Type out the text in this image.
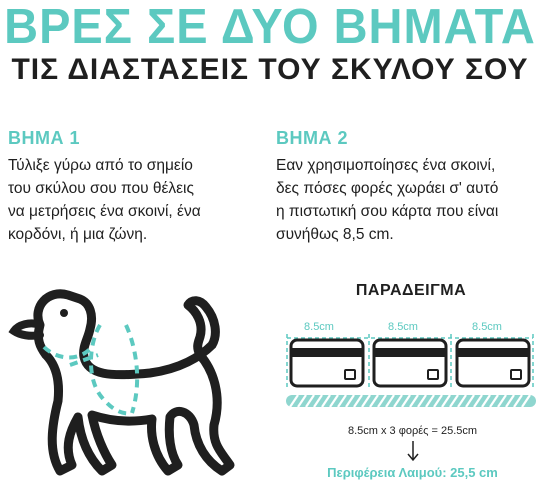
ΒΡΕΣ ΣΕ ΔΥΟ ΒΗΜΑΤΑ
ΤΙΣ ΔΙΑΣΤΑΣΕΙΣ ΤΟΥ ΣΚΥΛΟΥ ΣΟΥ
ΒΗΜΑ 1
Τύλιξε γύρω από το σημείο
του σκύλου σου που θέλεις
να μετρήσεις ένα σκοινί, ένα
κορδόνι, ή μια ζώνη.
ΒΗΜΑ 2
Εαν χρησιμοποίησες ένα σκοινί,
δες πόσες φορές χωράει σ' αυτό
η πιστωτική σου κάρτα που είναι
συνήθως 8,5 cm.
ΠΑΡΑΔΕΙΓΜΑ
8.5cm	8.5cm	8.5cm
8.5cm x 3 φορές = 25.5cm
Περιφέρεια Λαιμού: 25,5 cm
